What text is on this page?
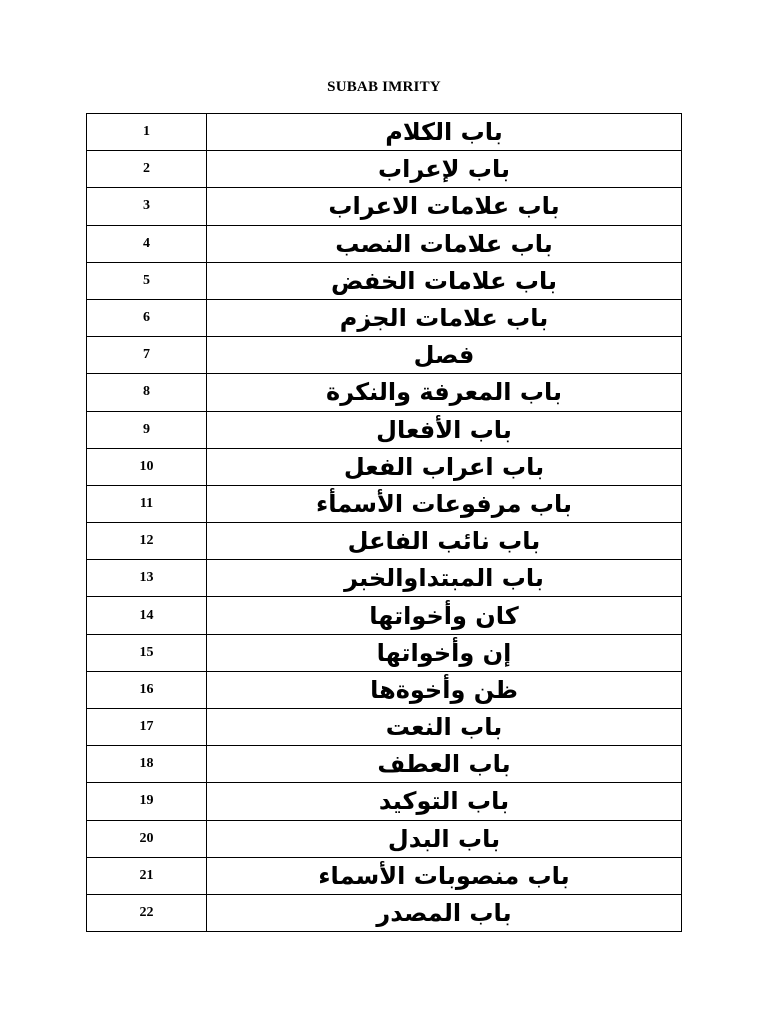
SUBAB IMRITY
1	باب الكلام
2	باب لإعراب
3	باب علامات الاعراب
4	باب علامات النصب
5	باب علامات الخفض
6	باب علامات الجزم
7	فصل
8	باب المعرفة والنكرة
9	باب الأفعال
10	باب اعراب الفعل
11	باب مرفوعات الأسمأء
12	باب نائب الفاعل
13	باب المبتداوالخبر
14	كان وأخواتها
15	إن وأخواتها
16	ظن وأخوةها
17	باب النعت
18	باب العطف
19	باب التوكيد
20	باب البدل
21	باب منصوبات الأسماء
22	باب المصدر
